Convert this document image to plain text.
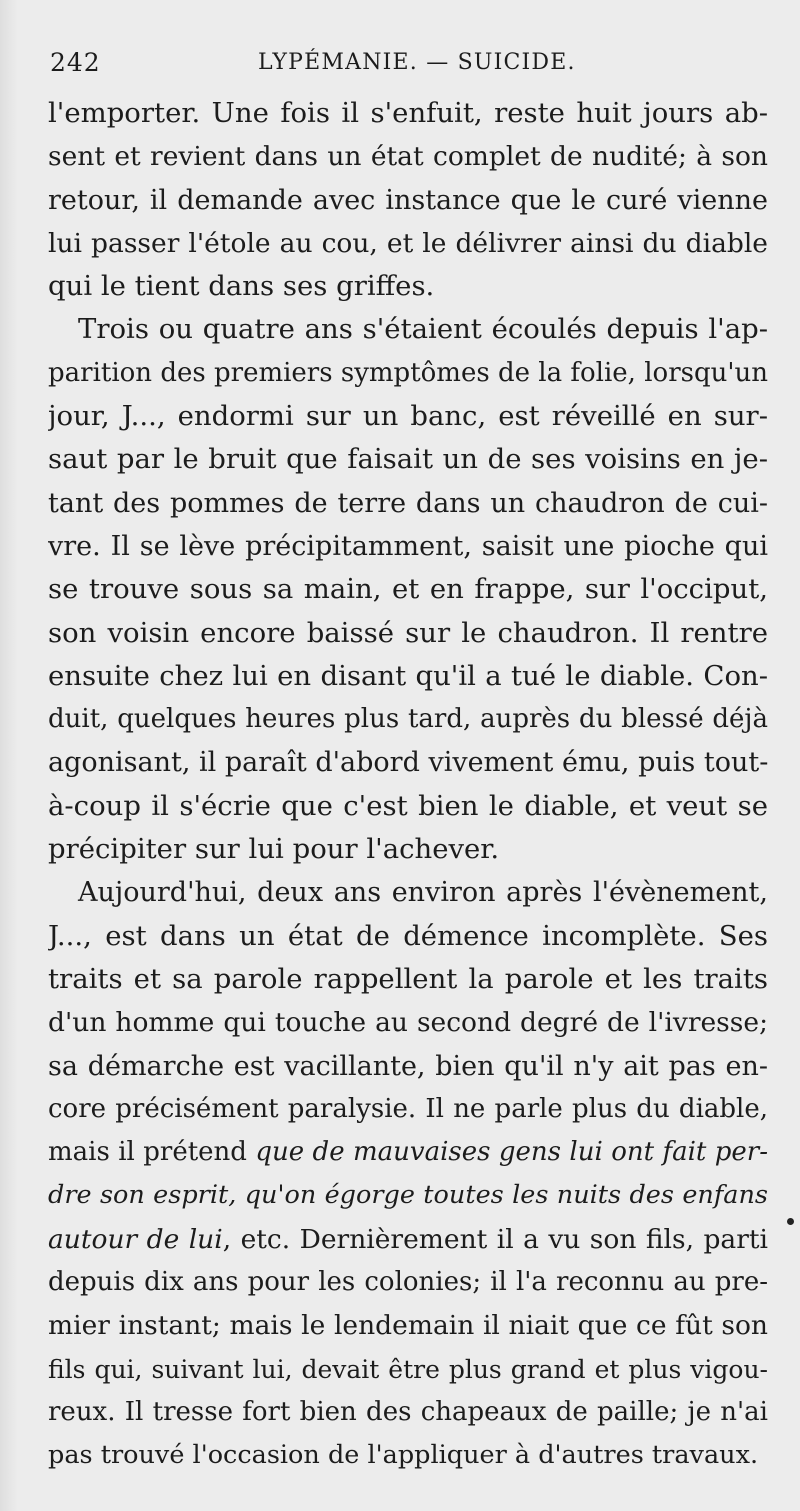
242	LYPÉMANIE. — SUICIDE.
l'emporter. Une fois il s'enfuit, reste huit jours ab-
sent et revient dans un état complet de nudité; à son
retour, il demande avec instance que le curé vienne
lui passer l'étole au cou, et le délivrer ainsi du diable
qui le tient dans ses griffes.
Trois ou quatre ans s'étaient écoulés depuis l'ap-
parition des premiers symptômes de la folie, lorsqu'un
jour, J..., endormi sur un banc, est réveillé en sur-
saut par le bruit que faisait un de ses voisins en je-
tant des pommes de terre dans un chaudron de cui-
vre. Il se lève précipitamment, saisit une pioche qui
se trouve sous sa main, et en frappe, sur l'occiput,
son voisin encore baissé sur le chaudron. Il rentre
ensuite chez lui en disant qu'il a tué le diable. Con-
duit, quelques heures plus tard, auprès du blessé déjà
agonisant, il paraît d'abord vivement ému, puis tout-
à-coup il s'écrie que c'est bien le diable, et veut se
précipiter sur lui pour l'achever.
Aujourd'hui, deux ans environ après l'évènement,
J..., est dans un état de démence incomplète. Ses
traits et sa parole rappellent la parole et les traits
d'un homme qui touche au second degré de l'ivresse;
sa démarche est vacillante, bien qu'il n'y ait pas en-
core précisément paralysie. Il ne parle plus du diable,
mais il prétend que de mauvaises gens lui ont fait per-
dre son esprit, qu'on égorge toutes les nuits des enfans
autour de lui, etc. Dernièrement il a vu son fils, parti
depuis dix ans pour les colonies; il l'a reconnu au pre-
mier instant; mais le lendemain il niait que ce fût son
fils qui, suivant lui, devait être plus grand et plus vigou-
reux. Il tresse fort bien des chapeaux de paille; je n'ai
pas trouvé l'occasion de l'appliquer à d'autres travaux.
